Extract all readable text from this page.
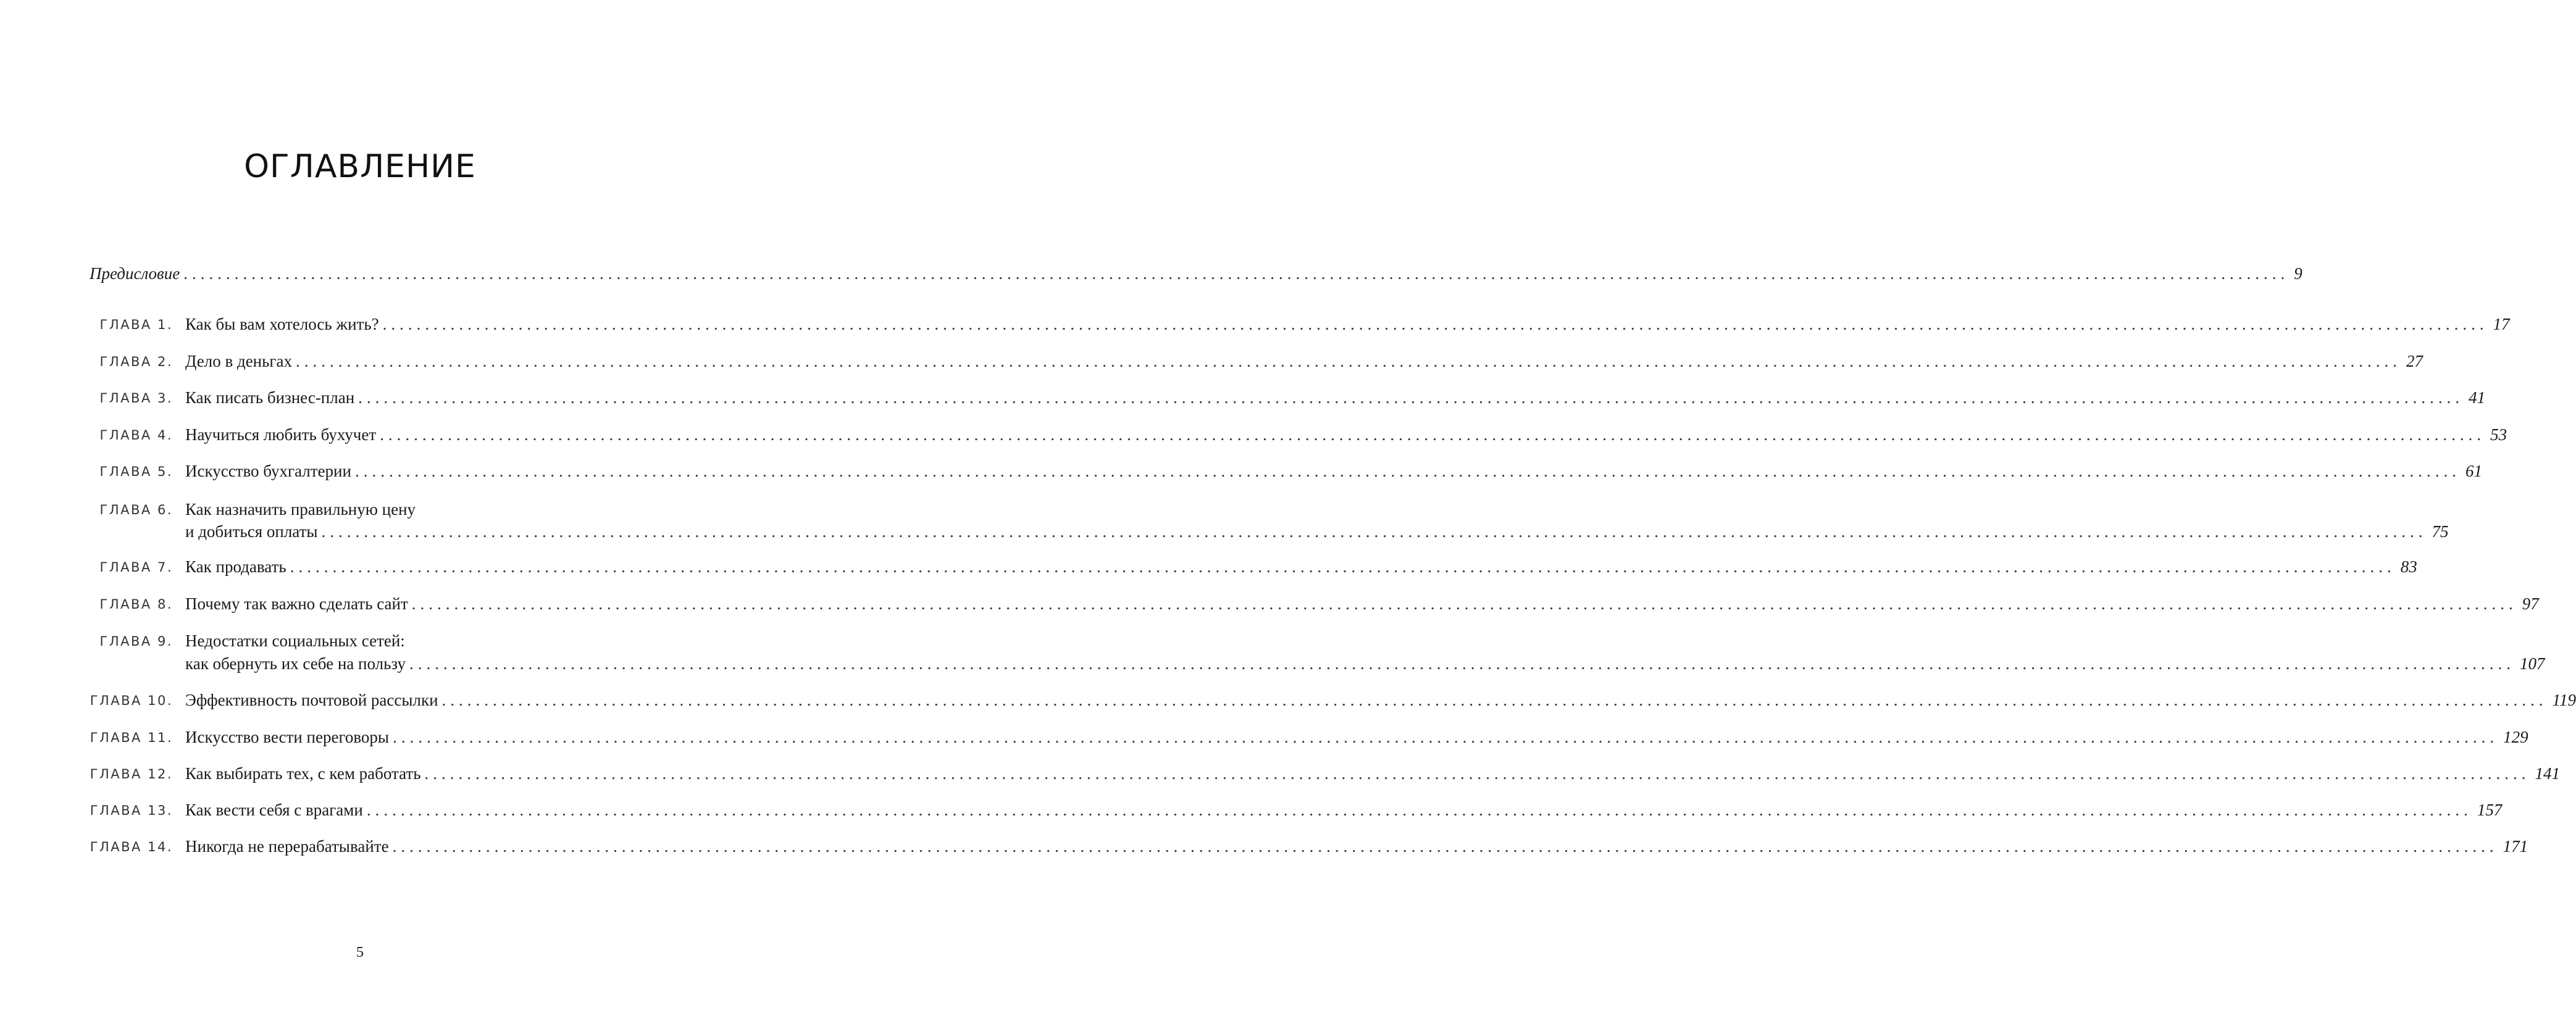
ОГЛАВЛЕНИЕ
Предисловие ........................................................................................................................................................................................................................................................ 9
ГЛАВА 1. Как бы вам хотелось жить? ........................................................................................................................................................................................................................................................ 17
ГЛАВА 2. Дело в деньгах ........................................................................................................................................................................................................................................................ 27
ГЛАВА 3. Как писать бизнес-план ........................................................................................................................................................................................................................................................ 41
ГЛАВА 4. Научиться любить бухучет ........................................................................................................................................................................................................................................................ 53
ГЛАВА 5. Искусство бухгалтерии ........................................................................................................................................................................................................................................................ 61
ГЛАВА 6. Как назначить правильную цену
и добиться оплаты ........................................................................................................................................................................................................................................................ 75
ГЛАВА 7. Как продавать ........................................................................................................................................................................................................................................................ 83
ГЛАВА 8. Почему так важно сделать сайт ........................................................................................................................................................................................................................................................ 97
ГЛАВА 9. Недостатки социальных сетей:
как обернуть их себе на пользу ........................................................................................................................................................................................................................................................ 107
ГЛАВА 10. Эффективность почтовой рассылки ........................................................................................................................................................................................................................................................ 119
ГЛАВА 11. Искусство вести переговоры ........................................................................................................................................................................................................................................................ 129
ГЛАВА 12. Как выбирать тех, с кем работать ........................................................................................................................................................................................................................................................ 141
ГЛАВА 13. Как вести себя с врагами ........................................................................................................................................................................................................................................................ 157
ГЛАВА 14. Никогда не перерабатывайте ........................................................................................................................................................................................................................................................ 171
5
